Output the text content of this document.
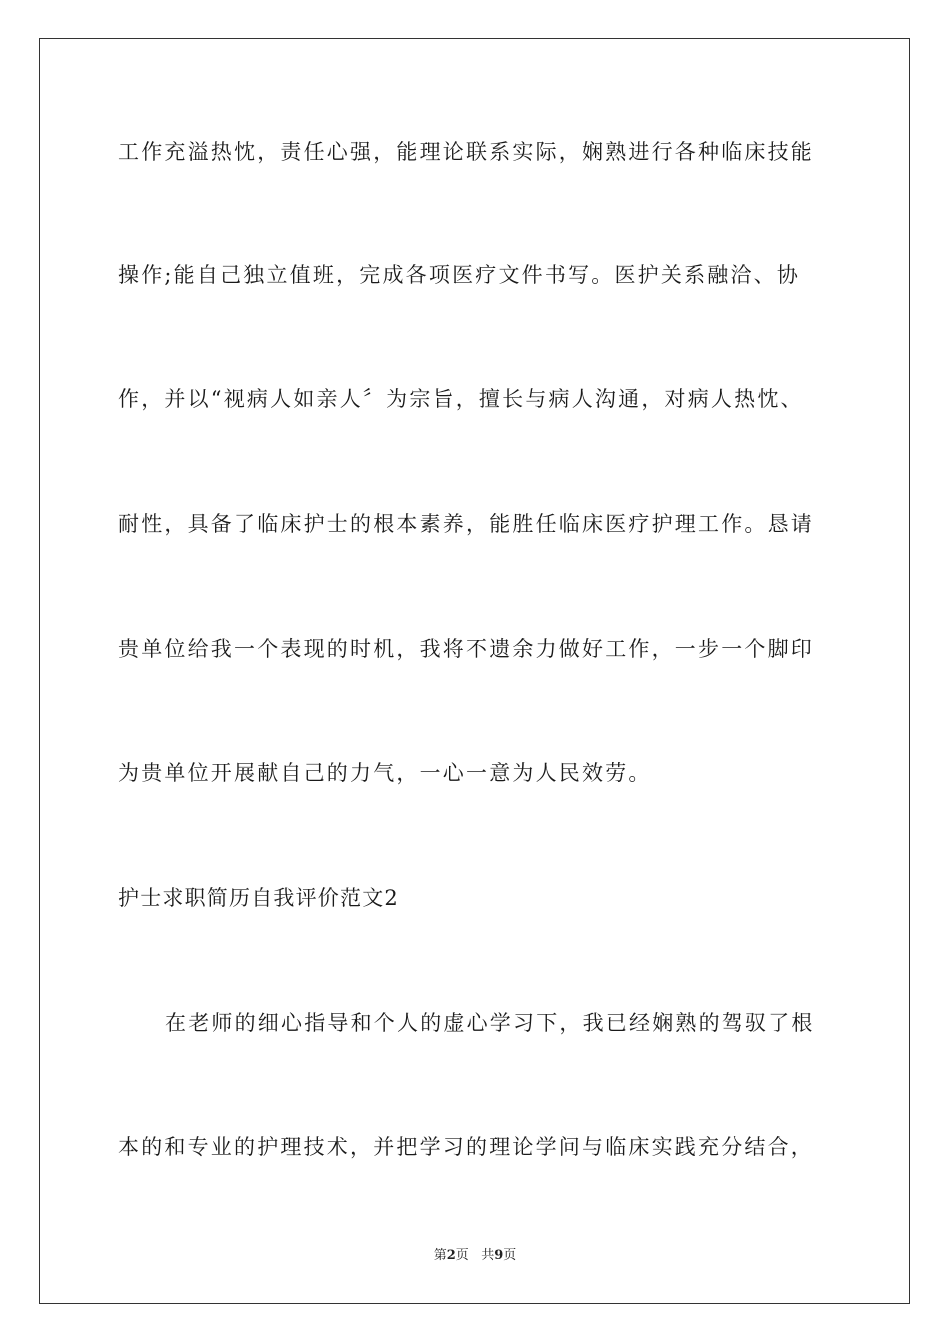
工作充溢热忱，责任心强，能理论联系实际，娴熟进行各种临床技能
操作;能自己独立值班，完成各项医疗文件书写。医护关系融洽、协
作，并以“视病人如亲人〞为宗旨，擅长与病人沟通，对病人热忱、
耐性，具备了临床护士的根本素养，能胜任临床医疗护理工作。恳请
贵单位给我一个表现的时机，我将不遗余力做好工作，一步一个脚印
为贵单位开展献自己的力气，一心一意为人民效劳。
护士求职简历自我评价范文2
在老师的细心指导和个人的虚心学习下，我已经娴熟的驾驭了根
本的和专业的护理技术，并把学习的理论学问与临床实践充分结合，
第2页 共9页
